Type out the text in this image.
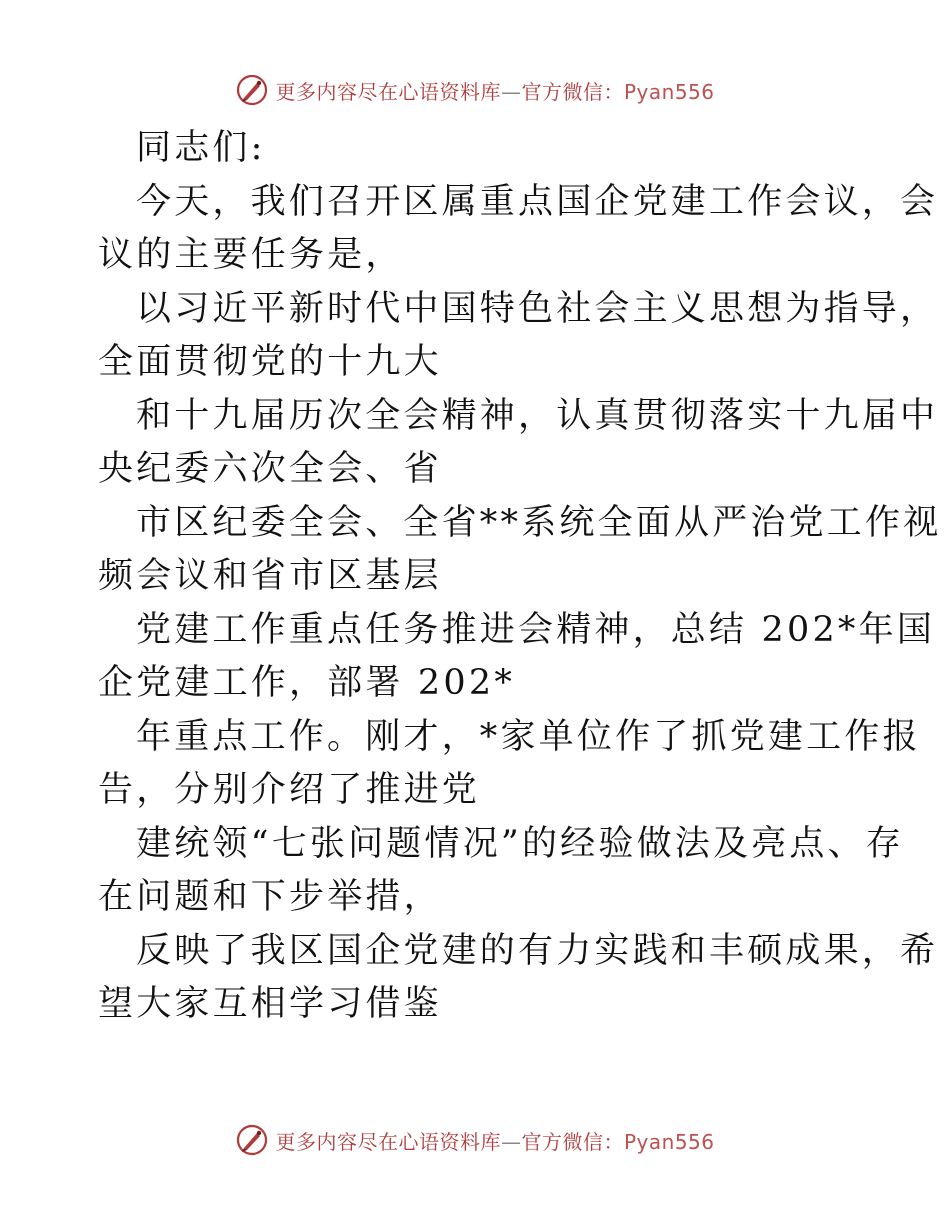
更多内容尽在心语资料库—官方微信：Pyan556
同志们:
今天，我们召开区属重点国企党建工作会议，会
议的主要任务是，
以习近平新时代中国特色社会主义思想为指导，
全面贯彻党的十九大
和十九届历次全会精神，认真贯彻落实十九届中
央纪委六次全会、省
市区纪委全会、全省**系统全面从严治党工作视
频会议和省市区基层
党建工作重点任务推进会精神，总结 202*年国
企党建工作，部署 202*
年重点工作。刚才，*家单位作了抓党建工作报
告，分别介绍了推进党
建统领“七张问题情况”的经验做法及亮点、存
在问题和下步举措，
反映了我区国企党建的有力实践和丰硕成果，希
望大家互相学习借鉴
更多内容尽在心语资料库—官方微信：Pyan556
